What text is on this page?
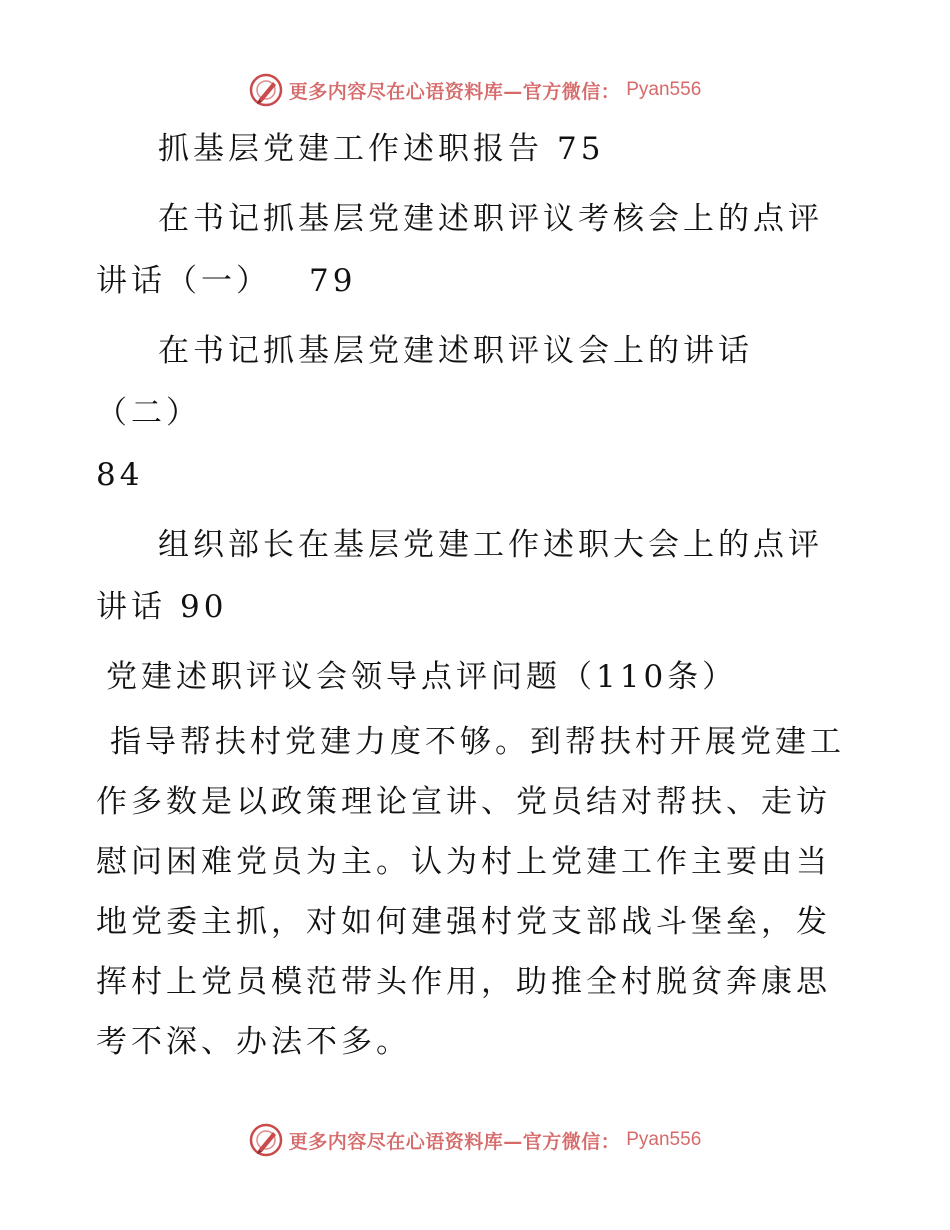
更多内容尽在心语资料库—官方微信： Pyan556

抓基层党建工作述职报告 75

在书记抓基层党建述职评议考核会上的点评讲话（一） 79

在书记抓基层党建述职评议会上的讲话（二）
84

组织部长在基层党建工作述职大会上的点评讲话 90

党建述职评议会领导点评问题（110条）

指导帮扶村党建力度不够。到帮扶村开展党建工作多数是以政策理论宣讲、党员结对帮扶、走访慰问困难党员为主。认为村上党建工作主要由当地党委主抓，对如何建强村党支部战斗堡垒，发挥村上党员模范带头作用，助推全村脱贫奔康思考不深、办法不多。

更多内容尽在心语资料库—官方微信： Pyan556
